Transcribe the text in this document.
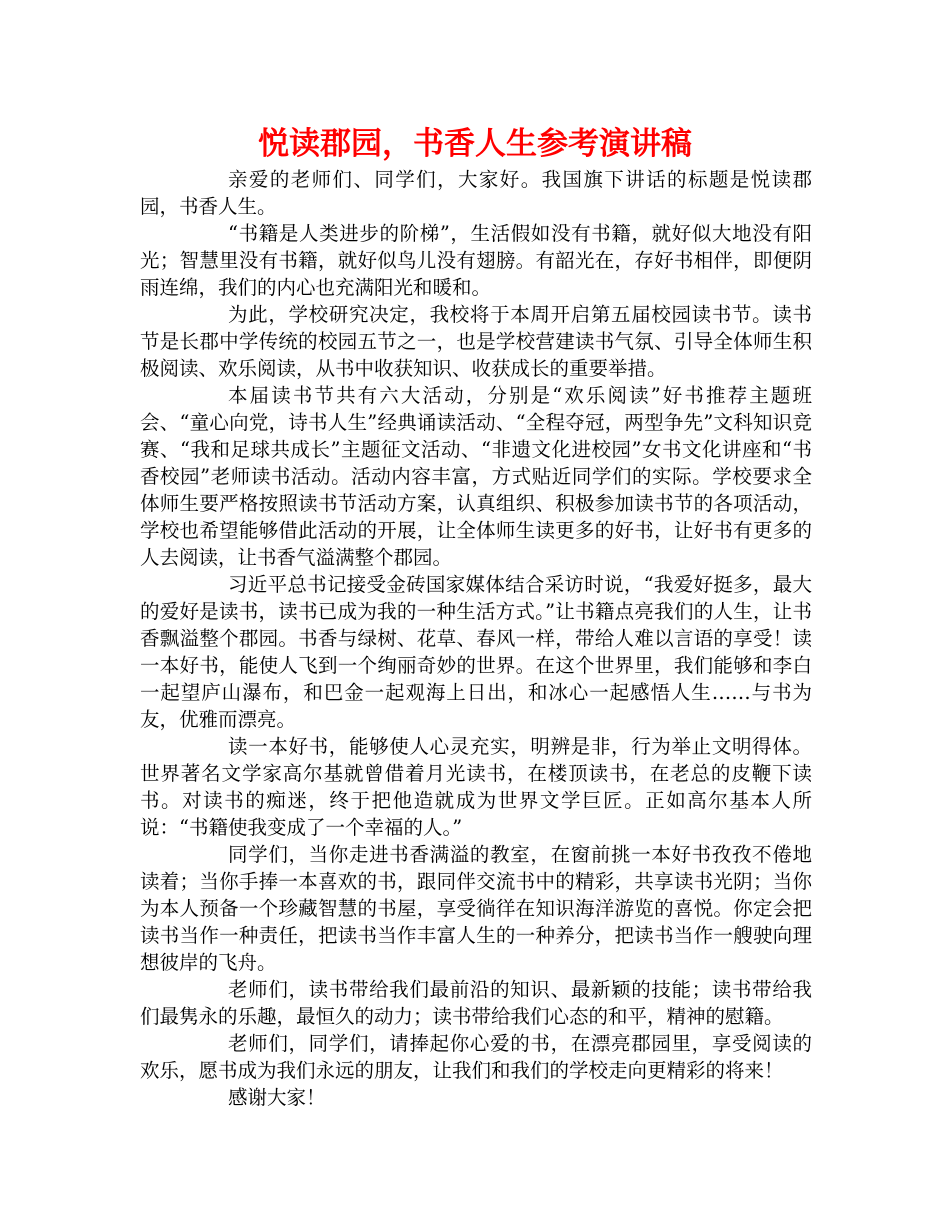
悦读郡园，书香人生参考演讲稿

亲爱的老师们、同学们，大家好。我国旗下讲话的标题是悦读郡园，书香人生。

“书籍是人类进步的阶梯”，生活假如没有书籍，就好似大地没有阳光；智慧里没有书籍，就好似鸟儿没有翅膀。有韶光在，存好书相伴，即便阴雨连绵，我们的内心也充满阳光和暖和。

为此，学校研究决定，我校将于本周开启第五届校园读书节。读书节是长郡中学传统的校园五节之一，也是学校营建读书气氛、引导全体师生积极阅读、欢乐阅读，从书中收获知识、收获成长的重要举措。

本届读书节共有六大活动，分别是“欢乐阅读”好书推荐主题班会、“童心向党，诗书人生”经典诵读活动、“全程夺冠，两型争先”文科知识竞赛、“我和足球共成长”主题征文活动、“非遗文化进校园”女书文化讲座和“书香校园”老师读书活动。活动内容丰富，方式贴近同学们的实际。学校要求全体师生要严格按照读书节活动方案，认真组织、积极参加读书节的各项活动，学校也希望能够借此活动的开展，让全体师生读更多的好书，让好书有更多的人去阅读，让书香气溢满整个郡园。

习近平总书记接受金砖国家媒体结合采访时说，“我爱好挺多，最大的爱好是读书，读书已成为我的一种生活方式。”让书籍点亮我们的人生，让书香飘溢整个郡园。书香与绿树、花草、春风一样，带给人难以言语的享受！读一本好书，能使人飞到一个绚丽奇妙的世界。在这个世界里，我们能够和李白一起望庐山瀑布，和巴金一起观海上日出，和冰心一起感悟人生……与书为友，优雅而漂亮。

读一本好书，能够使人心灵充实，明辨是非，行为举止文明得体。世界著名文学家高尔基就曾借着月光读书，在楼顶读书，在老总的皮鞭下读书。对读书的痴迷，终于把他造就成为世界文学巨匠。正如高尔基本人所说：“书籍使我变成了一个幸福的人。”

同学们，当你走进书香满溢的教室，在窗前挑一本好书孜孜不倦地读着；当你手捧一本喜欢的书，跟同伴交流书中的精彩，共享读书光阴；当你为本人预备一个珍藏智慧的书屋，享受徜徉在知识海洋游览的喜悦。你定会把读书当作一种责任，把读书当作丰富人生的一种养分，把读书当作一艘驶向理想彼岸的飞舟。

老师们，读书带给我们最前沿的知识、最新颖的技能；读书带给我们最隽永的乐趣，最恒久的动力；读书带给我们心态的和平，精神的慰籍。

老师们，同学们，请捧起你心爱的书，在漂亮郡园里，享受阅读的欢乐，愿书成为我们永远的朋友，让我们和我们的学校走向更精彩的将来！

感谢大家！
